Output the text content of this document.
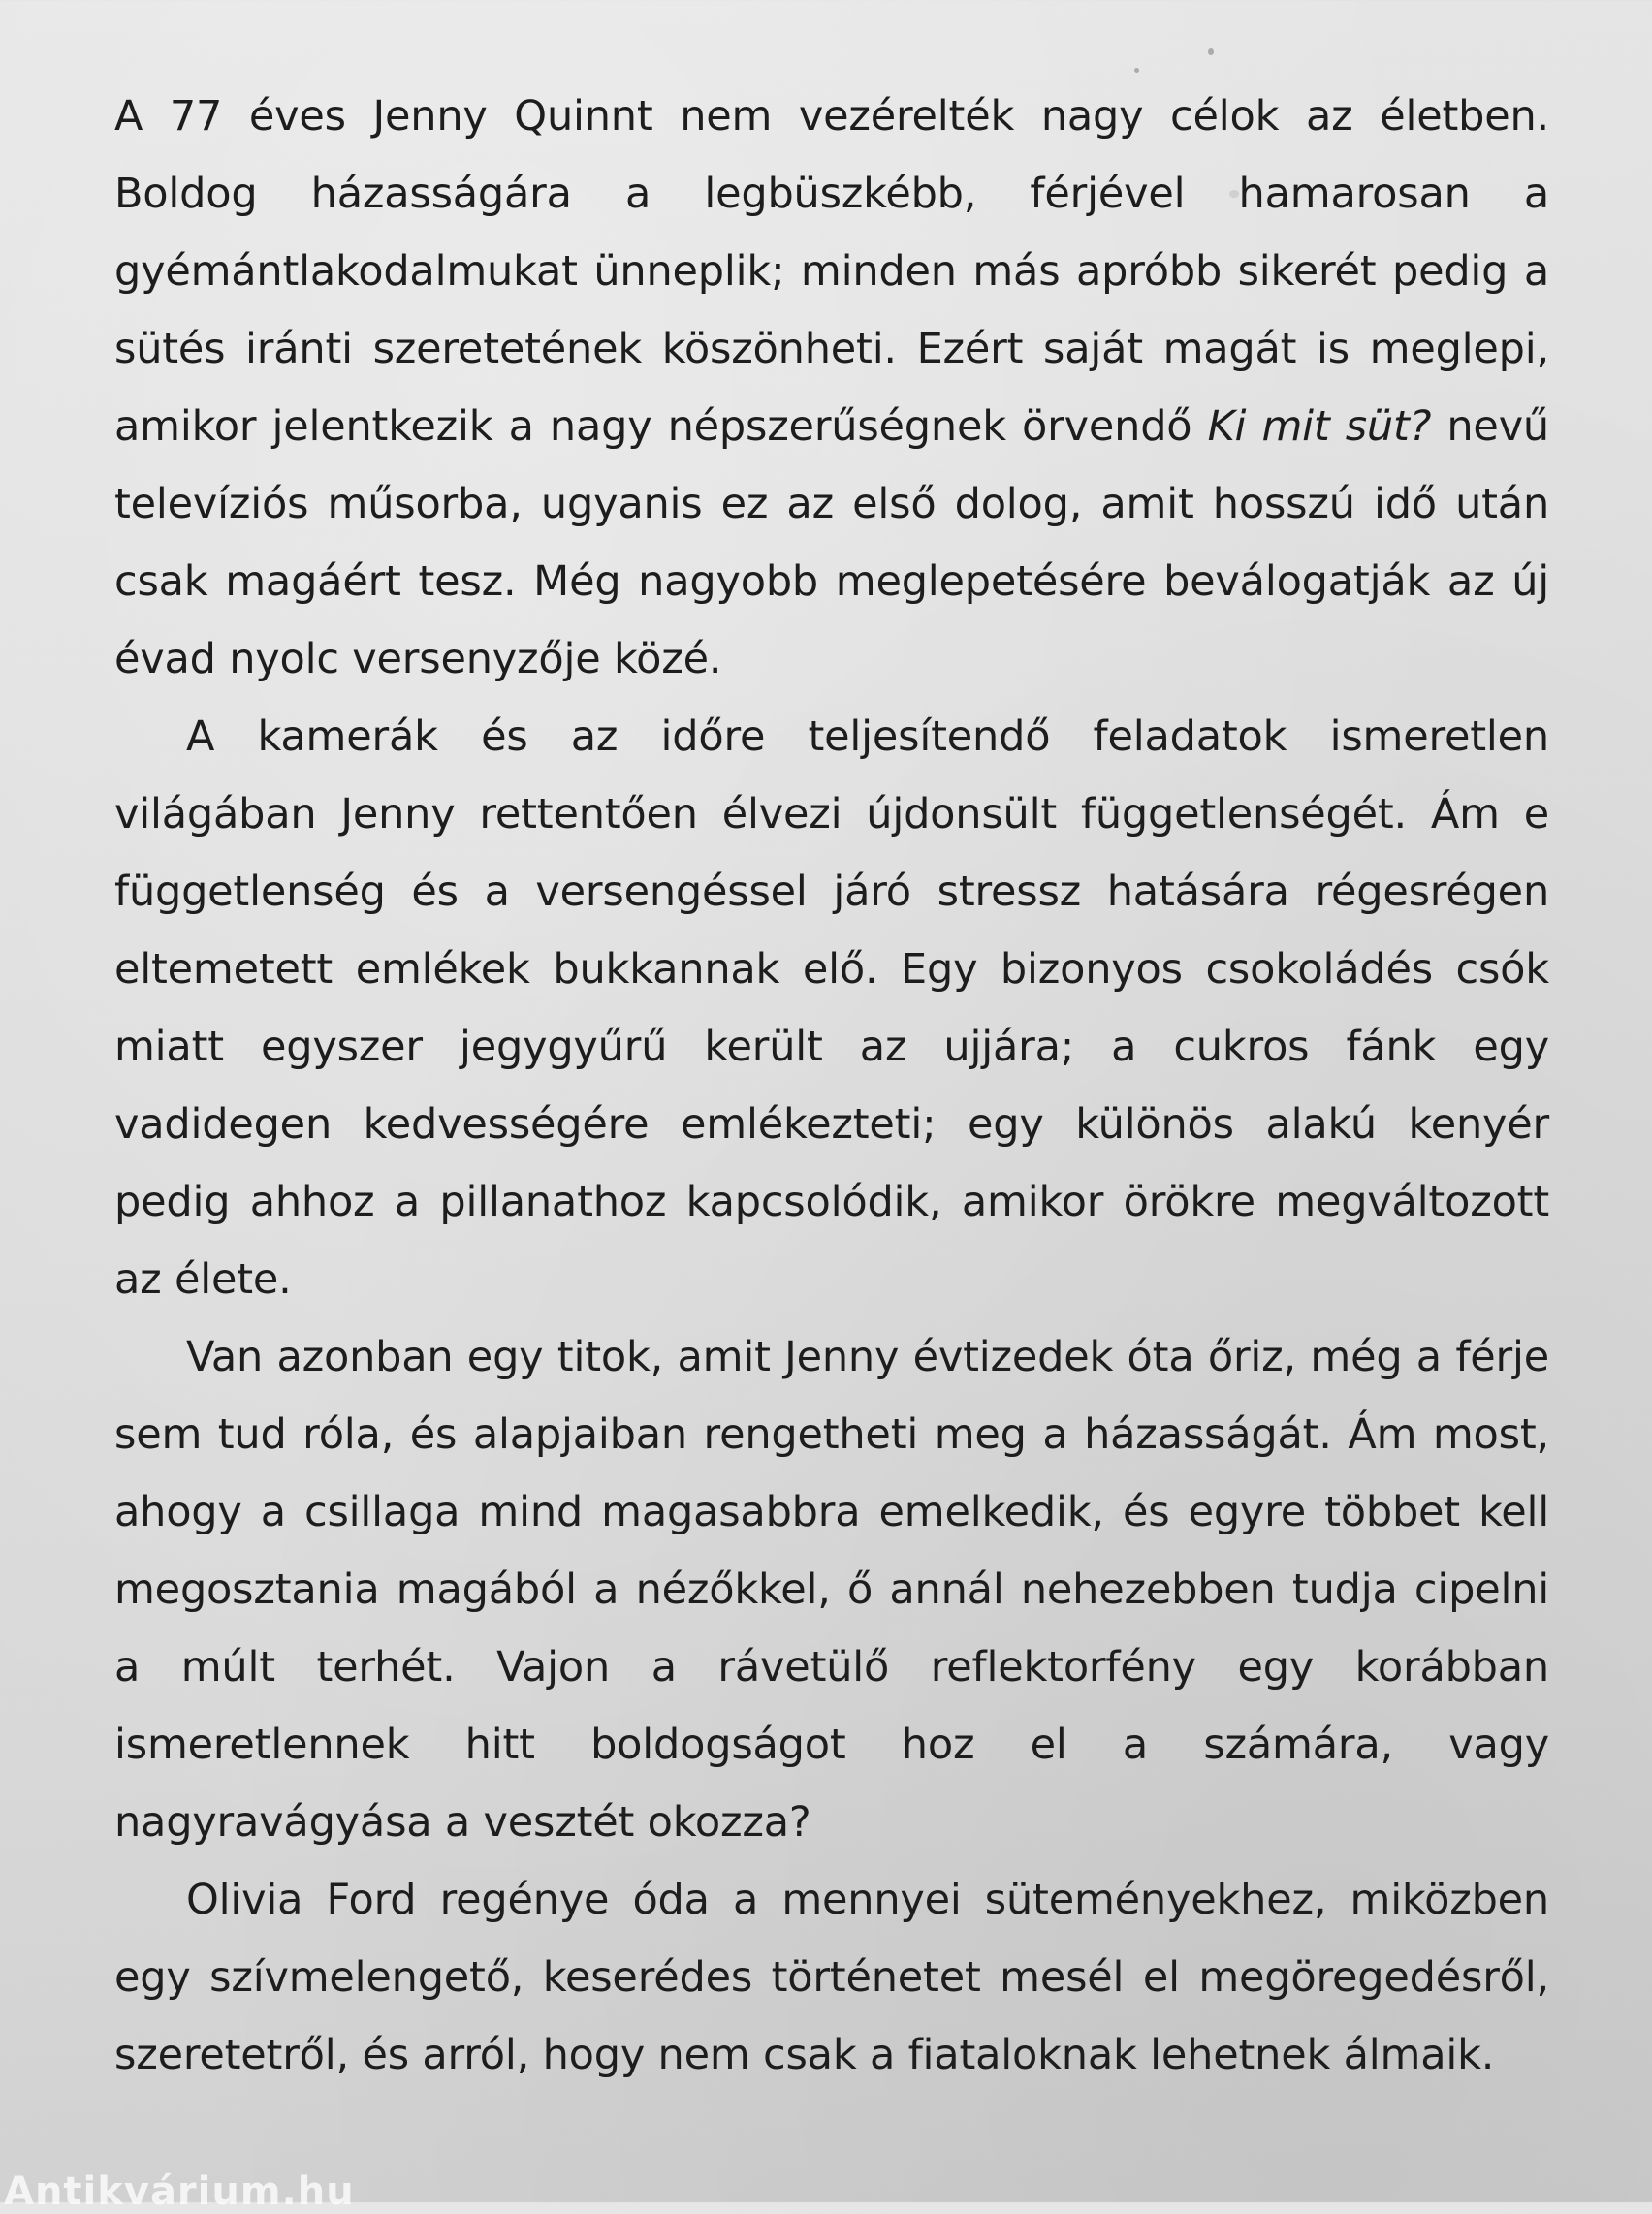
A 77 éves Jenny Quinnt nem vezérelték nagy célok az életben. Boldog házasságára a legbüszkébb, férjével hamarosan a gyémántlakodalmukat ünneplik; minden más apróbb sikerét pedig a sütés iránti szeretetének köszönheti. Ezért saját magát is meglepi, amikor jelentkezik a nagy népszerűségnek örvendő Ki mit süt? nevű televíziós műsorba, ugyanis ez az első dolog, amit hosszú idő után csak magáért tesz. Még nagyobb meglepetésére beválogatják az új évad nyolc versenyzője közé.

A kamerák és az időre teljesítendő feladatok ismeretlen világában Jenny rettentően élvezi újdonsült függetlenségét. Ám e függetlenség és a versengéssel járó stressz hatására régesrégen eltemetett emlékek bukkannak elő. Egy bizonyos csokoládés csók miatt egyszer jegygyűrű került az ujjára; a cukros fánk egy vadidegen kedvességére emlékezteti; egy különös alakú kenyér pedig ahhoz a pillanathoz kapcsolódik, amikor örökre megváltozott az élete.

Van azonban egy titok, amit Jenny évtizedek óta őriz, még a férje sem tud róla, és alapjaiban rengetheti meg a házasságát. Ám most, ahogy a csillaga mind magasabbra emelkedik, és egyre többet kell megosztania magából a nézőkkel, ő annál nehezebben tudja cipelni a múlt terhét. Vajon a rávetülő reflektorfény egy korábban ismeretlennek hitt boldogságot hoz el a számára, vagy nagyravágyása a vesztét okozza?

Olivia Ford regénye óda a mennyei süteményekhez, miközben egy szívmelengető, keserédes történetet mesél el megöregedésről, szeretetről, és arról, hogy nem csak a fiataloknak lehetnek álmaik.

Antikvárium.hu
